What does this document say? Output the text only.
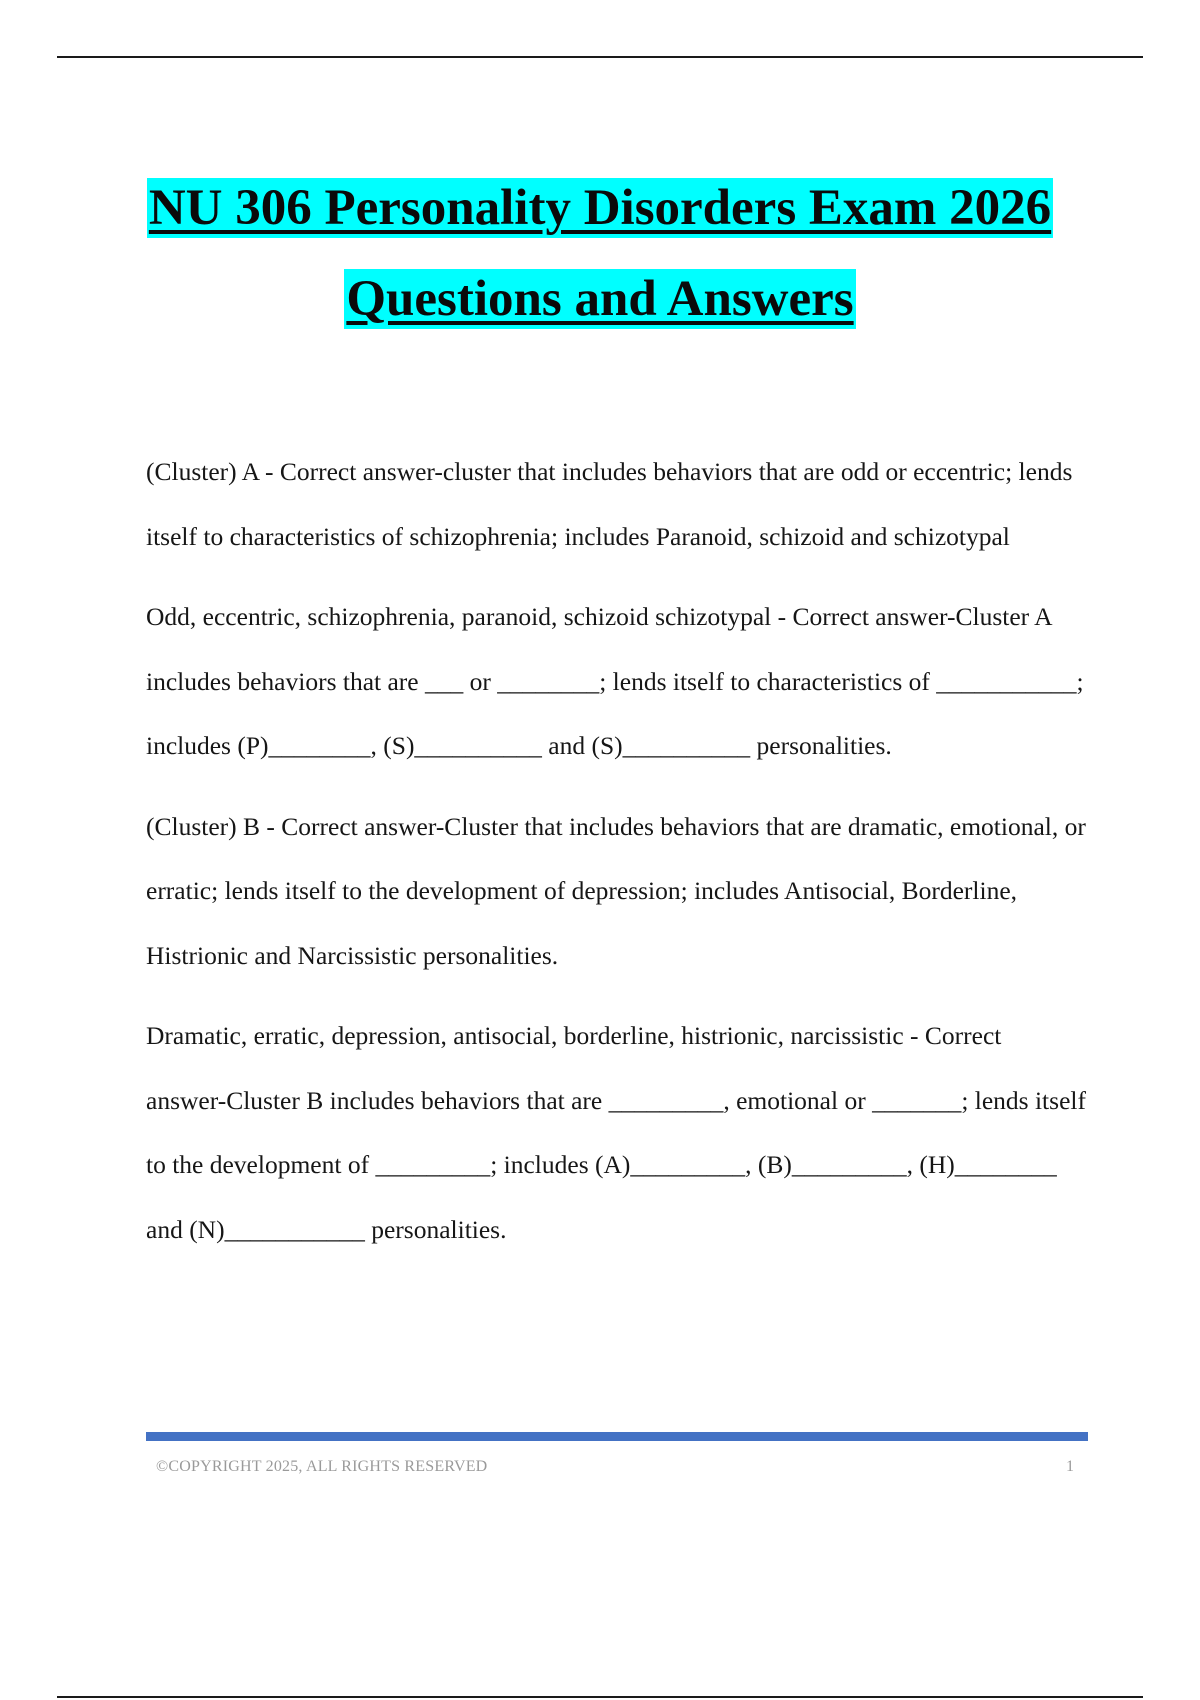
NU 306 Personality Disorders Exam 2026
Questions and Answers

(Cluster) A - Correct answer-cluster that includes behaviors that are odd or eccentric; lends itself to characteristics of schizophrenia; includes Paranoid, schizoid and schizotypal

Odd, eccentric, schizophrenia, paranoid, schizoid schizotypal - Correct answer-Cluster A includes behaviors that are ___ or ________; lends itself to characteristics of ___________; includes (P)________, (S)__________ and (S)__________ personalities.

(Cluster) B - Correct answer-Cluster that includes behaviors that are dramatic, emotional, or erratic; lends itself to the development of depression; includes Antisocial, Borderline, Histrionic and Narcissistic personalities.

Dramatic, erratic, depression, antisocial, borderline, histrionic, narcissistic - Correct answer-Cluster B includes behaviors that are _________, emotional or _______; lends itself to the development of _________; includes (A)_________, (B)_________, (H)________ and (N)___________ personalities.

©COPYRIGHT 2025, ALL RIGHTS RESERVED	1
